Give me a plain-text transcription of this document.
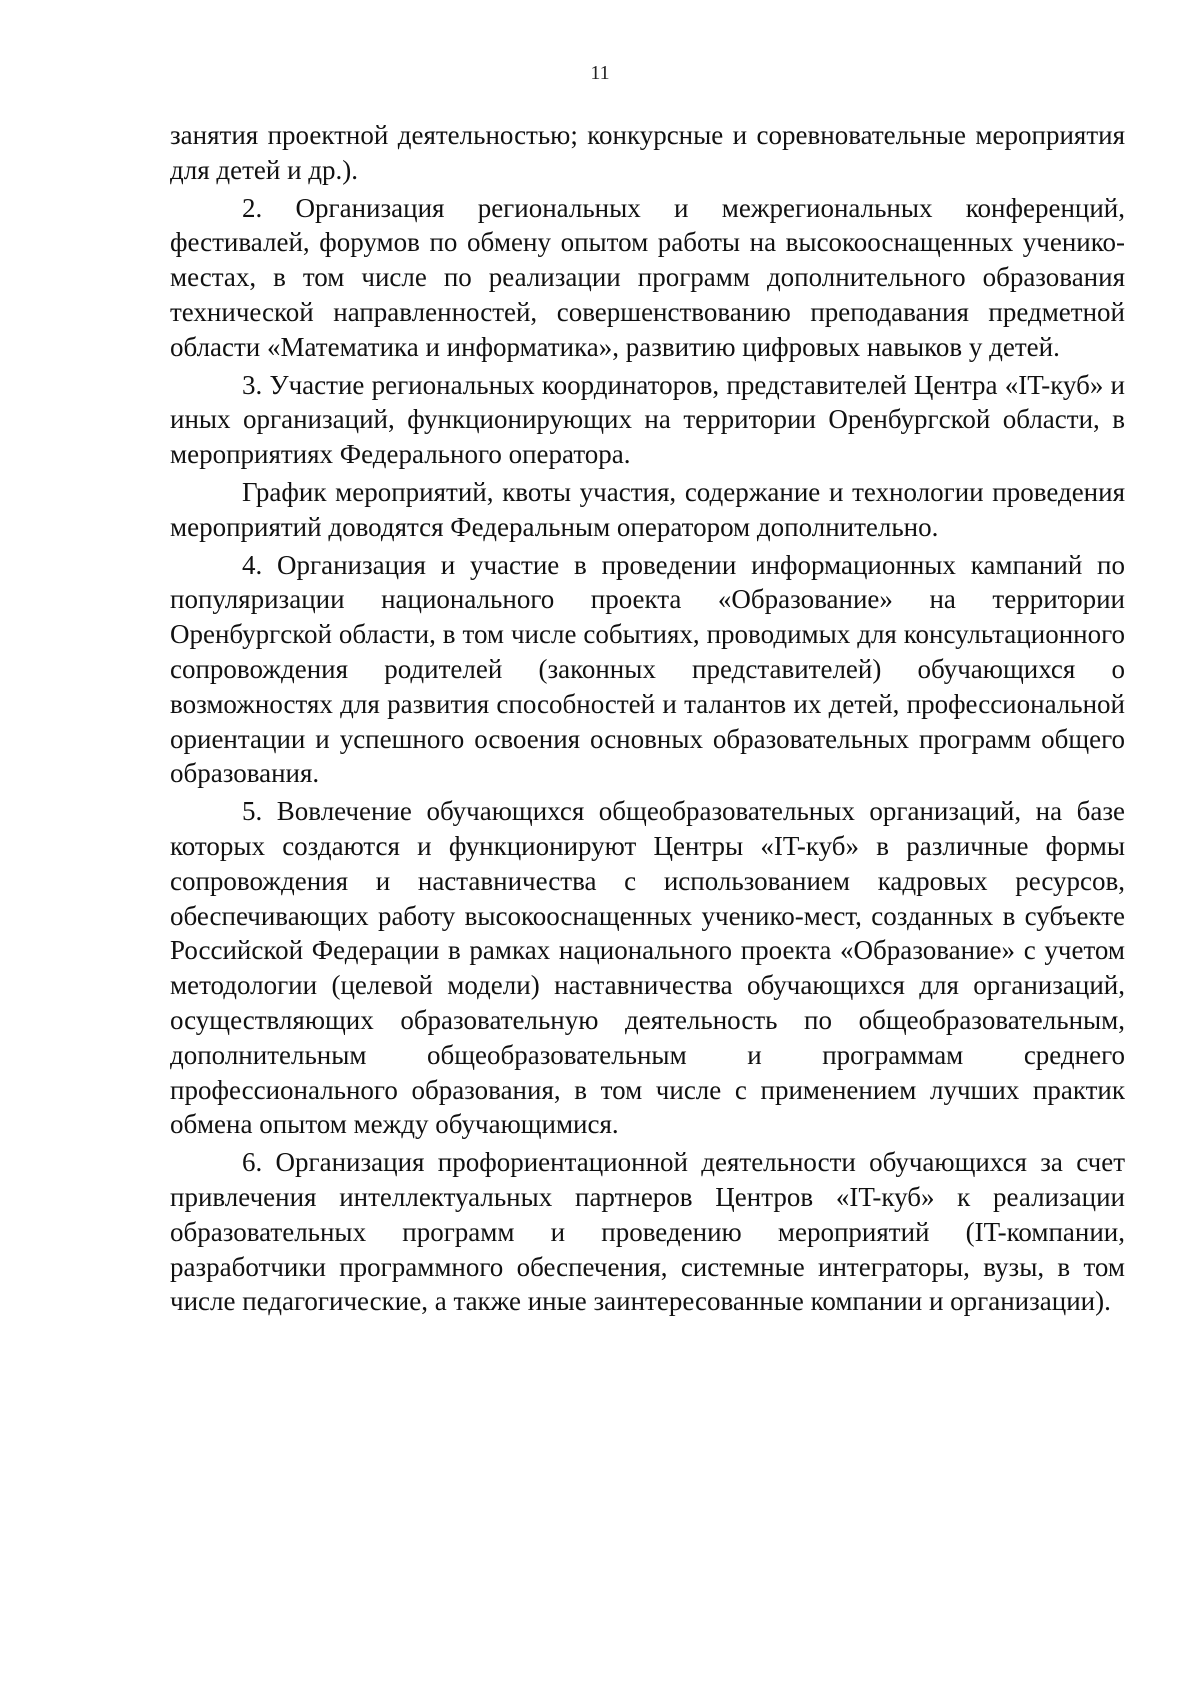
11

занятия проектной деятельностью; конкурсные и соревновательные мероприятия для детей и др.).

2. Организация региональных и межрегиональных конференций, фестивалей, форумов по обмену опытом работы на высокооснащенных ученико-местах, в том числе по реализации программ дополнительного образования технической направленностей, совершенствованию преподавания предметной области «Математика и информатика», развитию цифровых навыков у детей.

3. Участие региональных координаторов, представителей Центра «IT-куб» и иных организаций, функционирующих на территории Оренбургской области, в мероприятиях Федерального оператора.

График мероприятий, квоты участия, содержание и технологии проведения мероприятий доводятся Федеральным оператором дополнительно.

4. Организация и участие в проведении информационных кампаний по популяризации национального проекта «Образование» на территории Оренбургской области, в том числе событиях, проводимых для консультационного сопровождения родителей (законных представителей) обучающихся о возможностях для развития способностей и талантов их детей, профессиональной ориентации и успешного освоения основных образовательных программ общего образования.

5. Вовлечение обучающихся общеобразовательных организаций, на базе которых создаются и функционируют Центры «IT-куб» в различные формы сопровождения и наставничества с использованием кадровых ресурсов, обеспечивающих работу высокооснащенных ученико-мест, созданных в субъекте Российской Федерации в рамках национального проекта «Образование» с учетом методологии (целевой модели) наставничества обучающихся для организаций, осуществляющих образовательную деятельность по общеобразовательным, дополнительным общеобразовательным и программам среднего профессионального образования, в том числе с применением лучших практик обмена опытом между обучающимися.

6. Организация профориентационной деятельности обучающихся за счет привлечения интеллектуальных партнеров Центров «IT-куб» к реализации образовательных программ и проведению мероприятий (IT-компании, разработчики программного обеспечения, системные интеграторы, вузы, в том числе педагогические, а также иные заинтересованные компании и организации).
